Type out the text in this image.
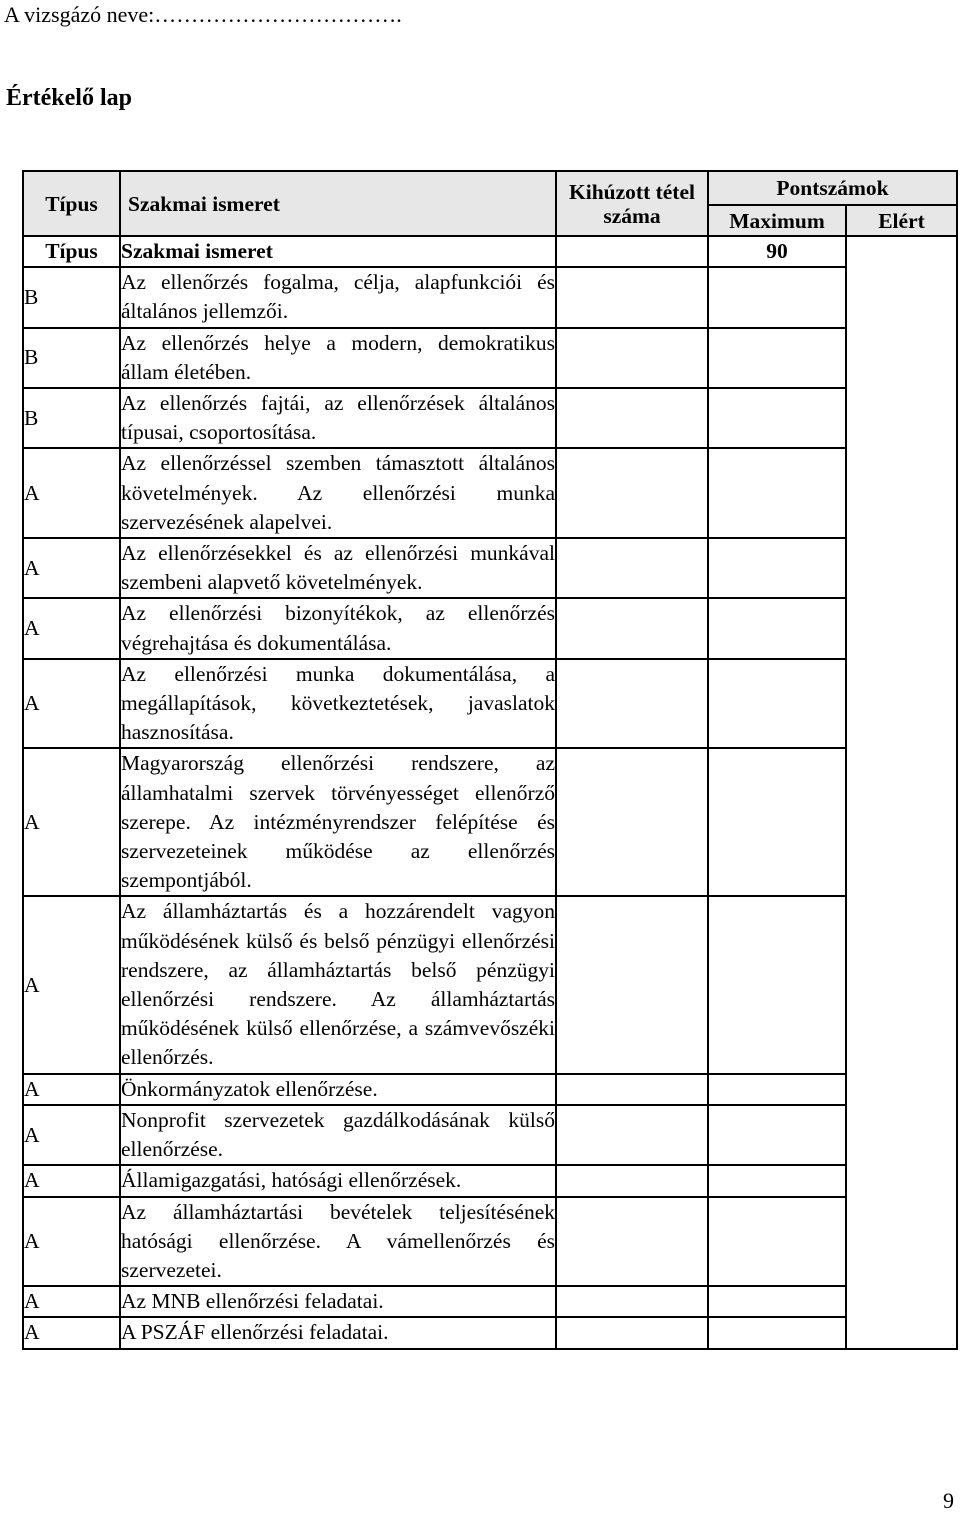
A vizsgázó neve:…………………………….
Értékelő lap
Típus	Szakmai ismeret	Kihúzott tétel száma	Pontszámok	
			Maximum	Elért
Típus	Szakmai ismeret		90	
B	Az ellenőrzés fogalma, célja, alapfunkciói és általános jellemzői.			
B	Az ellenőrzés helye a modern, demokratikus állam életében.			
B	Az ellenőrzés fajtái, az ellenőrzések általános típusai, csoportosítása.			
A	Az ellenőrzéssel szemben támasztott általános követelmények. Az ellenőrzési munka szervezésének alapelvei.			
A	Az ellenőrzésekkel és az ellenőrzési munkával szembeni alapvető követelmények.			
A	Az ellenőrzési bizonyítékok, az ellenőrzés végrehajtása és dokumentálása.			
A	Az ellenőrzési munka dokumentálása, a megállapítások, következtetések, javaslatok hasznosítása.			
A	Magyarország ellenőrzési rendszere, az államhatalmi szervek törvényességet ellenőrző szerepe. Az intézményrendszer felépítése és szervezeteinek működése az ellenőrzés szempontjából.			
A	Az államháztartás és a hozzárendelt vagyon működésének külső és belső pénzügyi ellenőrzési rendszere, az államháztartás belső pénzügyi ellenőrzési rendszere. Az államháztartás működésének külső ellenőrzése, a számvevőszéki ellenőrzés.			
A	Önkormányzatok ellenőrzése.			
A	Nonprofit szervezetek gazdálkodásának külső ellenőrzése.			
A	Államigazgatási, hatósági ellenőrzések.			
A	Az államháztartási bevételek teljesítésének hatósági ellenőrzése. A vámellenőrzés és szervezetei.			
A	Az MNB ellenőrzési feladatai.			
A	A PSZÁF ellenőrzési feladatai.			
9
